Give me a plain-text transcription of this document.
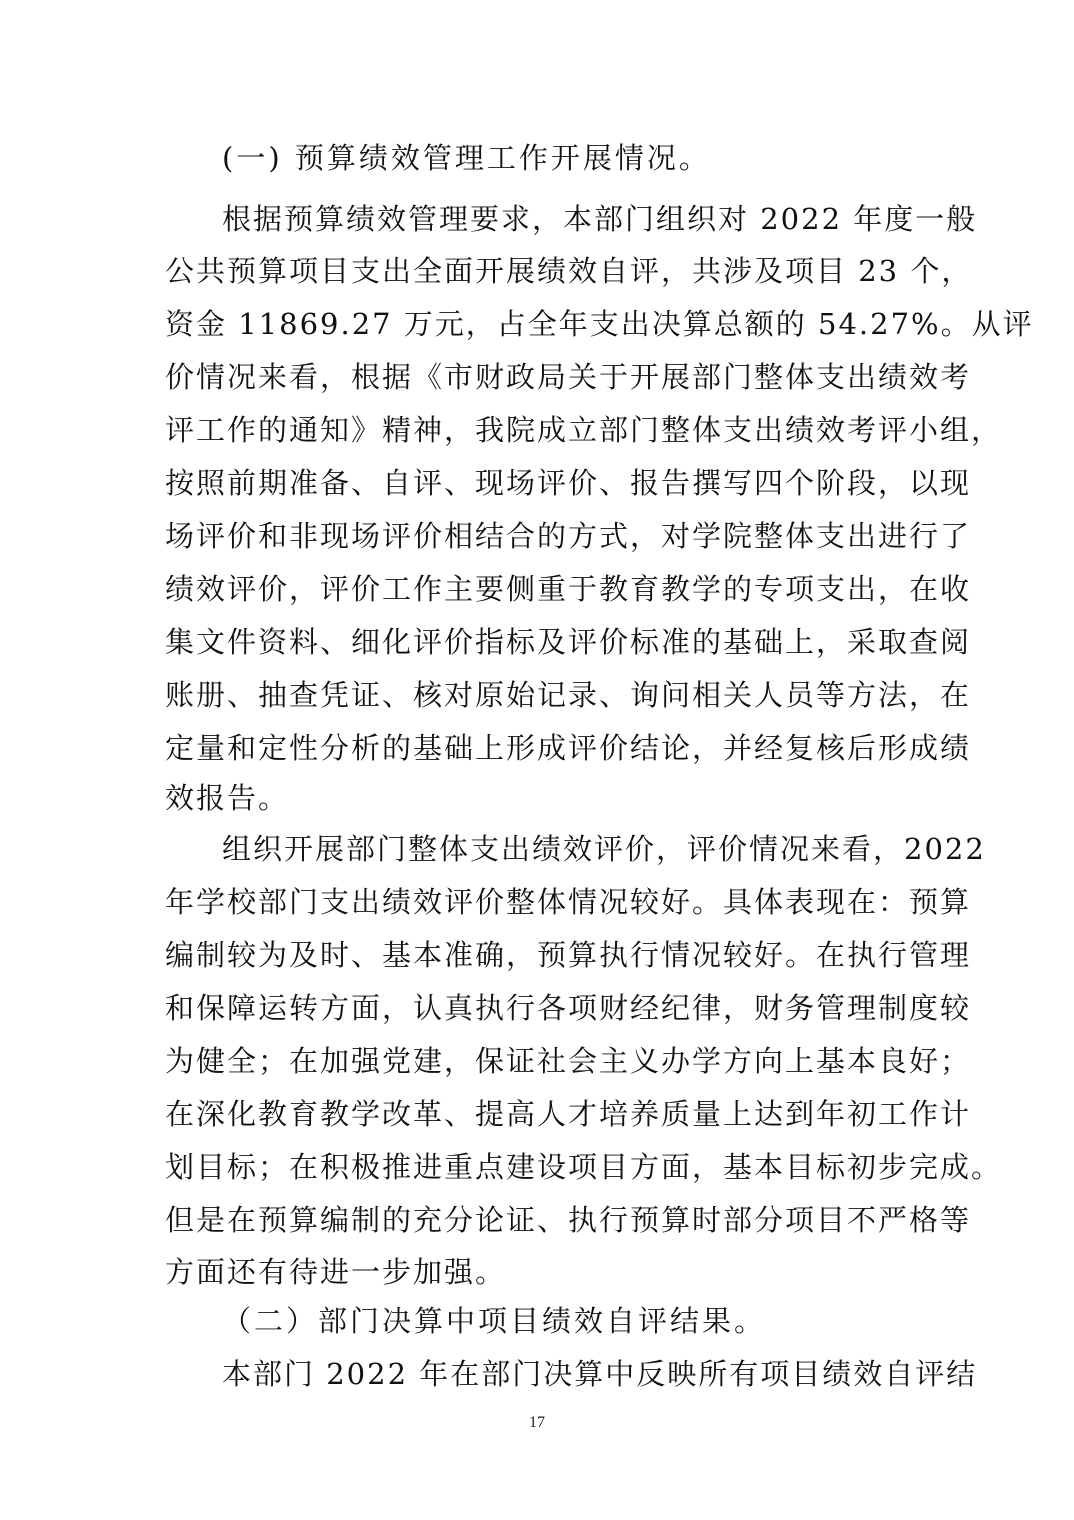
(一) 预算绩效管理工作开展情况。
根据预算绩效管理要求，本部门组织对 2022 年度一般
公共预算项目支出全面开展绩效自评，共涉及项目 23 个，
资金 11869.27 万元，占全年支出决算总额的 54.27%。从评
价情况来看，根据《市财政局关于开展部门整体支出绩效考
评工作的通知》精神，我院成立部门整体支出绩效考评小组，
按照前期准备、自评、现场评价、报告撰写四个阶段，以现
场评价和非现场评价相结合的方式，对学院整体支出进行了
绩效评价，评价工作主要侧重于教育教学的专项支出，在收
集文件资料、细化评价指标及评价标准的基础上，采取查阅
账册、抽查凭证、核对原始记录、询问相关人员等方法，在
定量和定性分析的基础上形成评价结论，并经复核后形成绩
效报告。
组织开展部门整体支出绩效评价，评价情况来看，2022
年学校部门支出绩效评价整体情况较好。具体表现在：预算
编制较为及时、基本准确，预算执行情况较好。在执行管理
和保障运转方面，认真执行各项财经纪律，财务管理制度较
为健全；在加强党建，保证社会主义办学方向上基本良好；
在深化教育教学改革、提高人才培养质量上达到年初工作计
划目标；在积极推进重点建设项目方面，基本目标初步完成。
但是在预算编制的充分论证、执行预算时部分项目不严格等
方面还有待进一步加强。
（二）部门决算中项目绩效自评结果。
本部门 2022 年在部门决算中反映所有项目绩效自评结
17
